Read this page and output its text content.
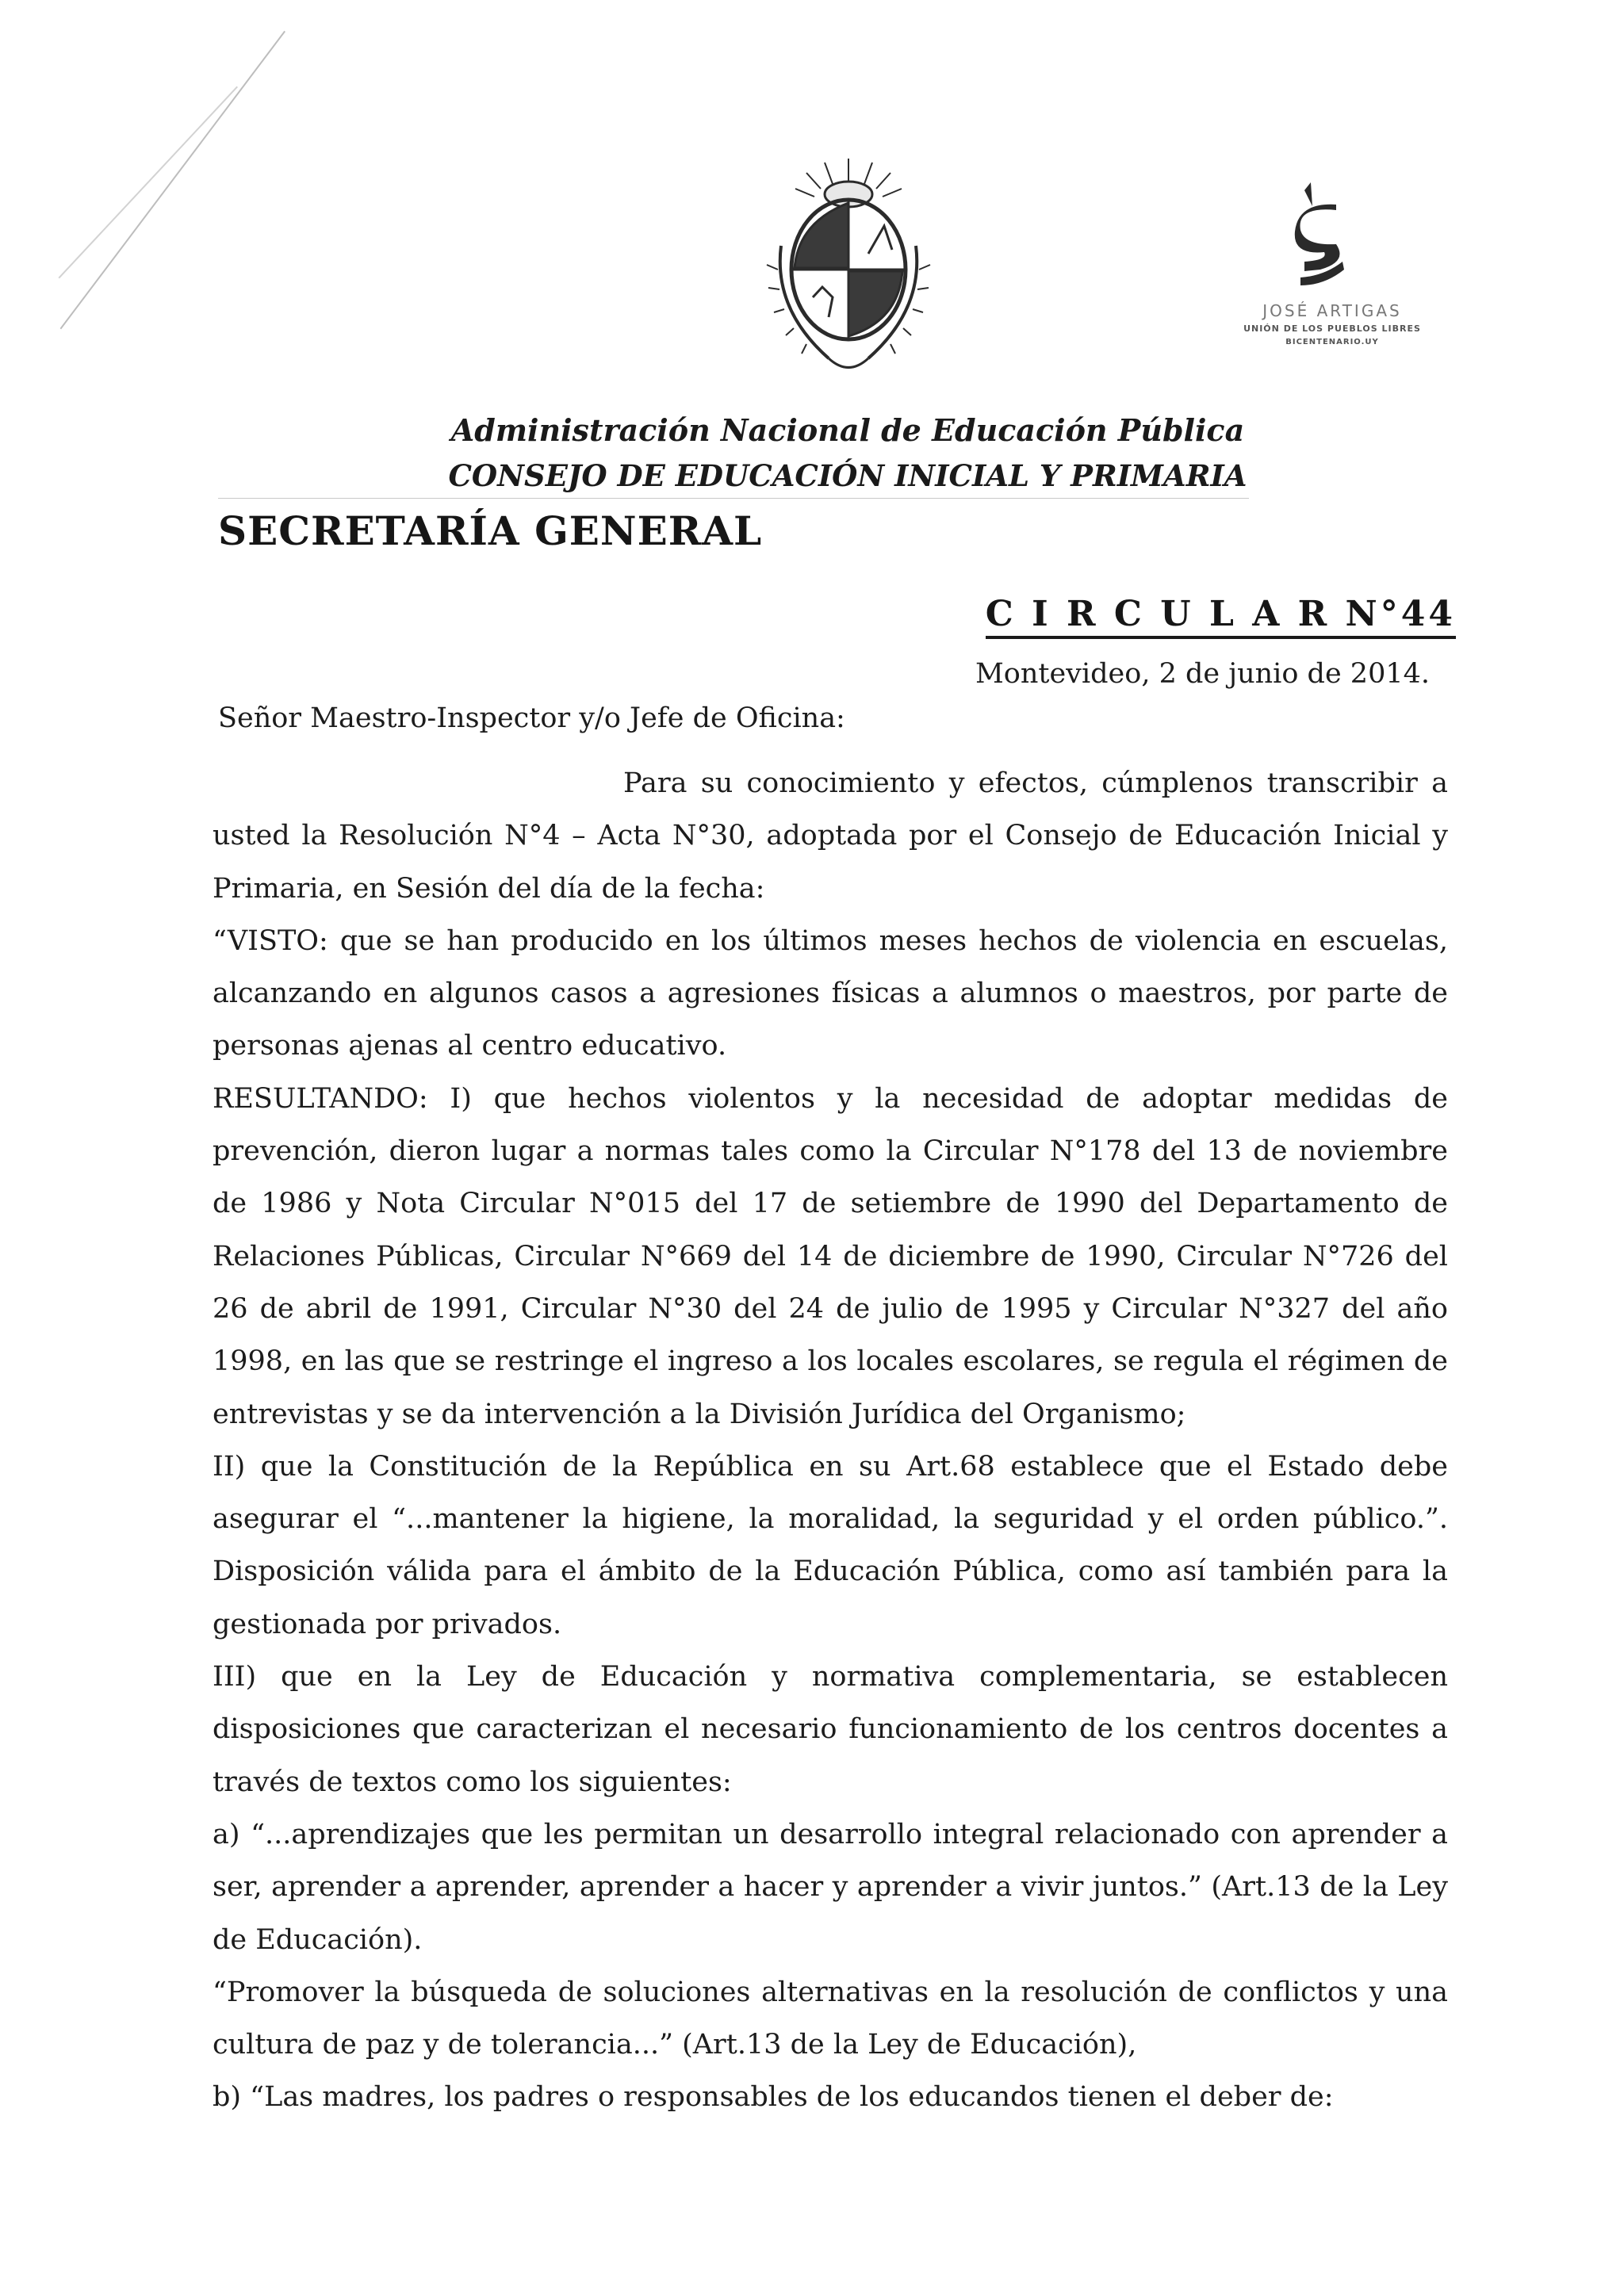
JOSÉ ARTIGAS
UNIÓN DE LOS PUEBLOS LIBRES
BICENTENARIO.UY
Administración Nacional de Educación Pública
CONSEJO DE EDUCACIÓN INICIAL Y PRIMARIA
SECRETARÍA GENERAL
C I R C U L A R N°44
Montevideo, 2 de junio de 2014.
Señor Maestro-Inspector y/o Jefe de Oficina:

Para su conocimiento y efectos, cúmplenos transcribir a usted la Resolución N°4 – Acta N°30, adoptada por el Consejo de Educación Inicial y Primaria, en Sesión del día de la fecha:

“VISTO: que se han producido en los últimos meses hechos de violencia en escuelas, alcanzando en algunos casos a agresiones físicas a alumnos o maestros, por parte de personas ajenas al centro educativo.

RESULTANDO: I) que hechos violentos y la necesidad de adoptar medidas de prevención, dieron lugar a normas tales como la Circular N°178 del 13 de noviembre de 1986 y Nota Circular N°015 del 17 de setiembre de 1990 del Departamento de Relaciones Públicas, Circular N°669 del 14 de diciembre de 1990, Circular N°726 del 26 de abril de 1991, Circular N°30 del 24 de julio de 1995 y Circular N°327 del año 1998, en las que se restringe el ingreso a los locales escolares, se regula el régimen de entrevistas y se da intervención a la División Jurídica del Organismo;

II) que la Constitución de la República en su Art.68 establece que el Estado debe asegurar el “...mantener la higiene, la moralidad, la seguridad y el orden público.”. Disposición válida para el ámbito de la Educación Pública, como así también para la gestionada por privados.

III) que en la Ley de Educación y normativa complementaria, se establecen disposiciones que caracterizan el necesario funcionamiento de los centros docentes a través de textos como los siguientes:

a) “...aprendizajes que les permitan un desarrollo integral relacionado con aprender a ser, aprender a aprender, aprender a hacer y aprender a vivir juntos.” (Art.13 de la Ley de Educación).

“Promover la búsqueda de soluciones alternativas en la resolución de conflictos y una cultura de paz y de tolerancia...” (Art.13 de la Ley de Educación),

b) “Las madres, los padres o responsables de los educandos tienen el deber de:
